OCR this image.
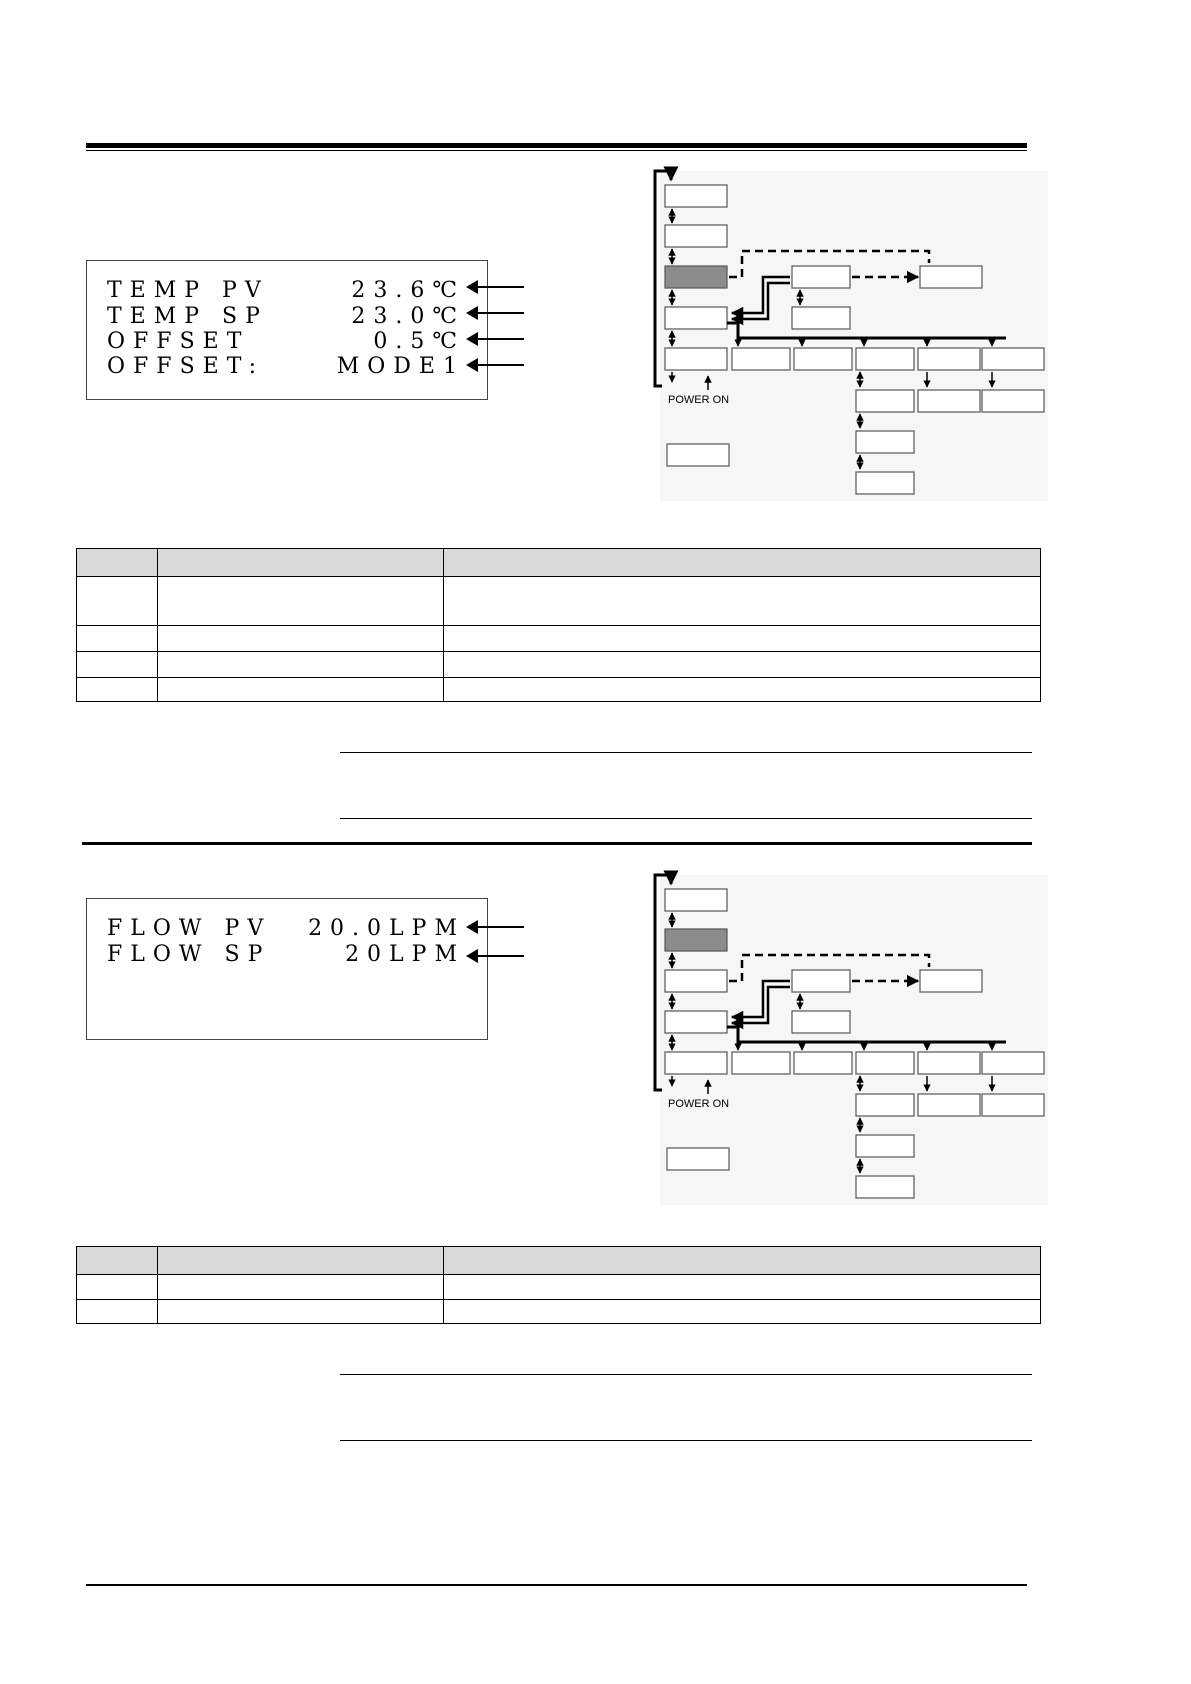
TEMP PV	23.6℃
TEMP SP	23.0℃
OFFSET	0.5℃
OFFSET:	MODE1
POWER ON

FLOW PV 20.0LPM
FLOW SP	20LPM
POWER ON
